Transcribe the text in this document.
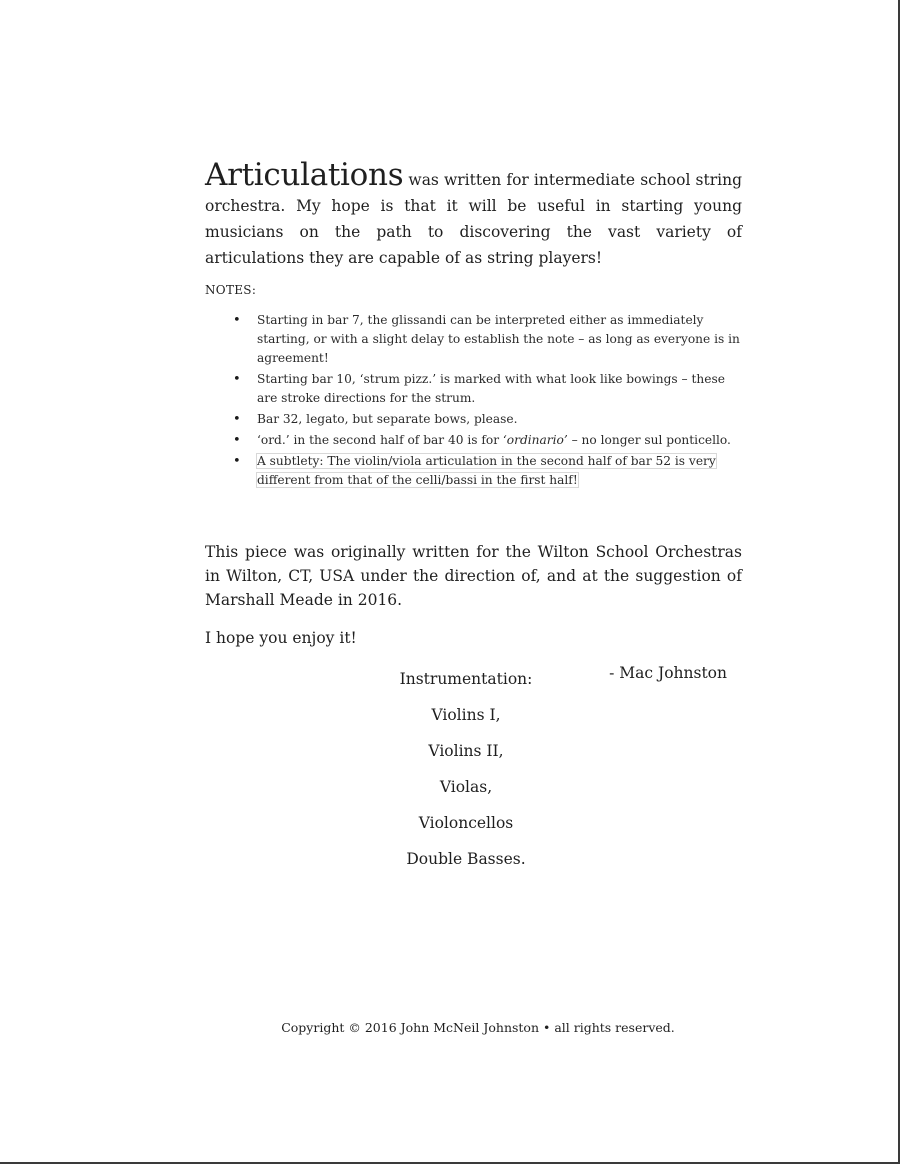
Articulations was written for intermediate school string orchestra. My hope is that it will be useful in starting young musicians on the path to discovering the vast variety of articulations they are capable of as string players!

NOTES:
• Starting in bar 7, the glissandi can be interpreted either as immediately starting, or with a slight delay to establish the note – as long as everyone is in agreement!
• Starting bar 10, ‘strum pizz.’ is marked with what look like bowings – these are stroke directions for the strum.
• Bar 32, legato, but separate bows, please.
• ‘ord.’ in the second half of bar 40 is for ‘ordinario’ – no longer sul ponticello.
• A subtlety: The violin/viola articulation in the second half of bar 52 is very different from that of the celli/bassi in the first half!

This piece was originally written for the Wilton School Orchestras in Wilton, CT, USA under the direction of, and at the suggestion of Marshall Meade in 2016.

I hope you enjoy it!

- Mac Johnston
Instrumentation:
Violins I,
Violins II,
Violas,
Violoncellos
Double Basses.
Copyright © 2016 John McNeil Johnston • all rights reserved.
